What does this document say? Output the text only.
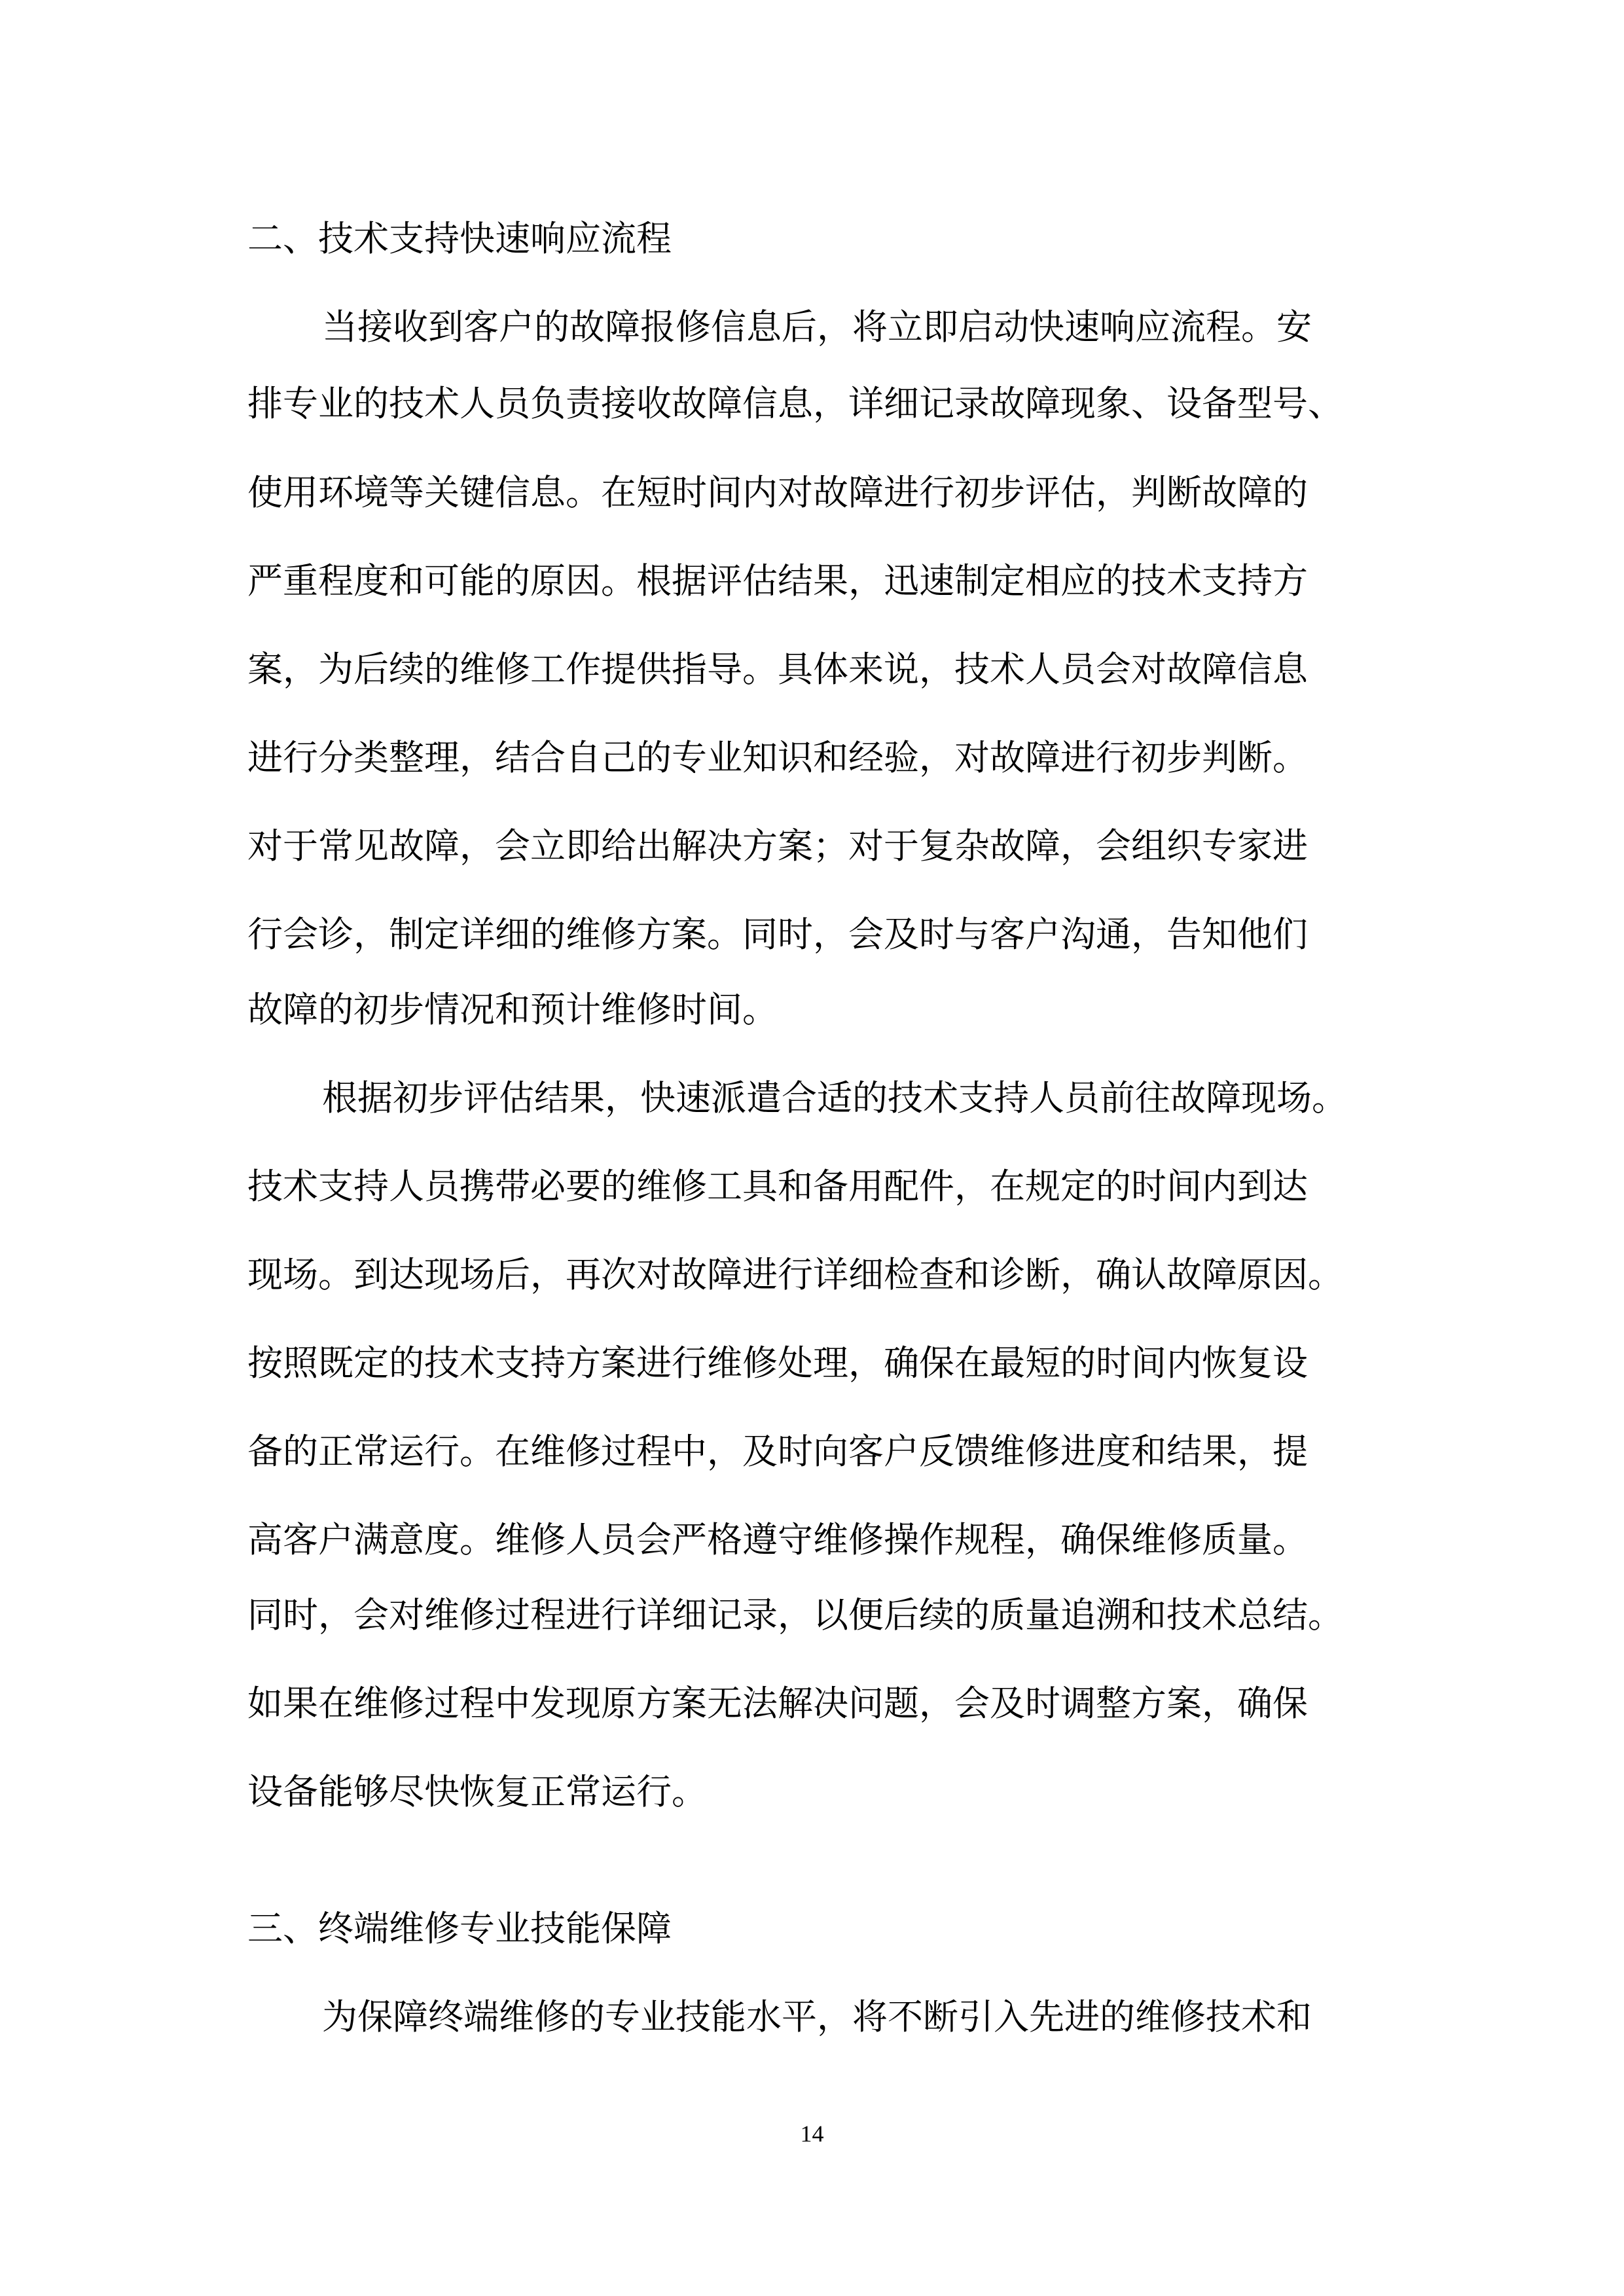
二、技术支持快速响应流程
当接收到客户的故障报修信息后，将立即启动快速响应流程。安
排专业的技术人员负责接收故障信息，详细记录故障现象、设备型号、
使用环境等关键信息。在短时间内对故障进行初步评估，判断故障的
严重程度和可能的原因。根据评估结果，迅速制定相应的技术支持方
案，为后续的维修工作提供指导。具体来说，技术人员会对故障信息
进行分类整理，结合自己的专业知识和经验，对故障进行初步判断。
对于常见故障，会立即给出解决方案；对于复杂故障，会组织专家进
行会诊，制定详细的维修方案。同时，会及时与客户沟通，告知他们
故障的初步情况和预计维修时间。
根据初步评估结果，快速派遣合适的技术支持人员前往故障现场。
技术支持人员携带必要的维修工具和备用配件，在规定的时间内到达
现场。到达现场后，再次对故障进行详细检查和诊断，确认故障原因。
按照既定的技术支持方案进行维修处理，确保在最短的时间内恢复设
备的正常运行。在维修过程中，及时向客户反馈维修进度和结果，提
高客户满意度。维修人员会严格遵守维修操作规程，确保维修质量。
同时，会对维修过程进行详细记录，以便后续的质量追溯和技术总结。
如果在维修过程中发现原方案无法解决问题，会及时调整方案，确保
设备能够尽快恢复正常运行。
三、终端维修专业技能保障
为保障终端维修的专业技能水平，将不断引入先进的维修技术和
14
